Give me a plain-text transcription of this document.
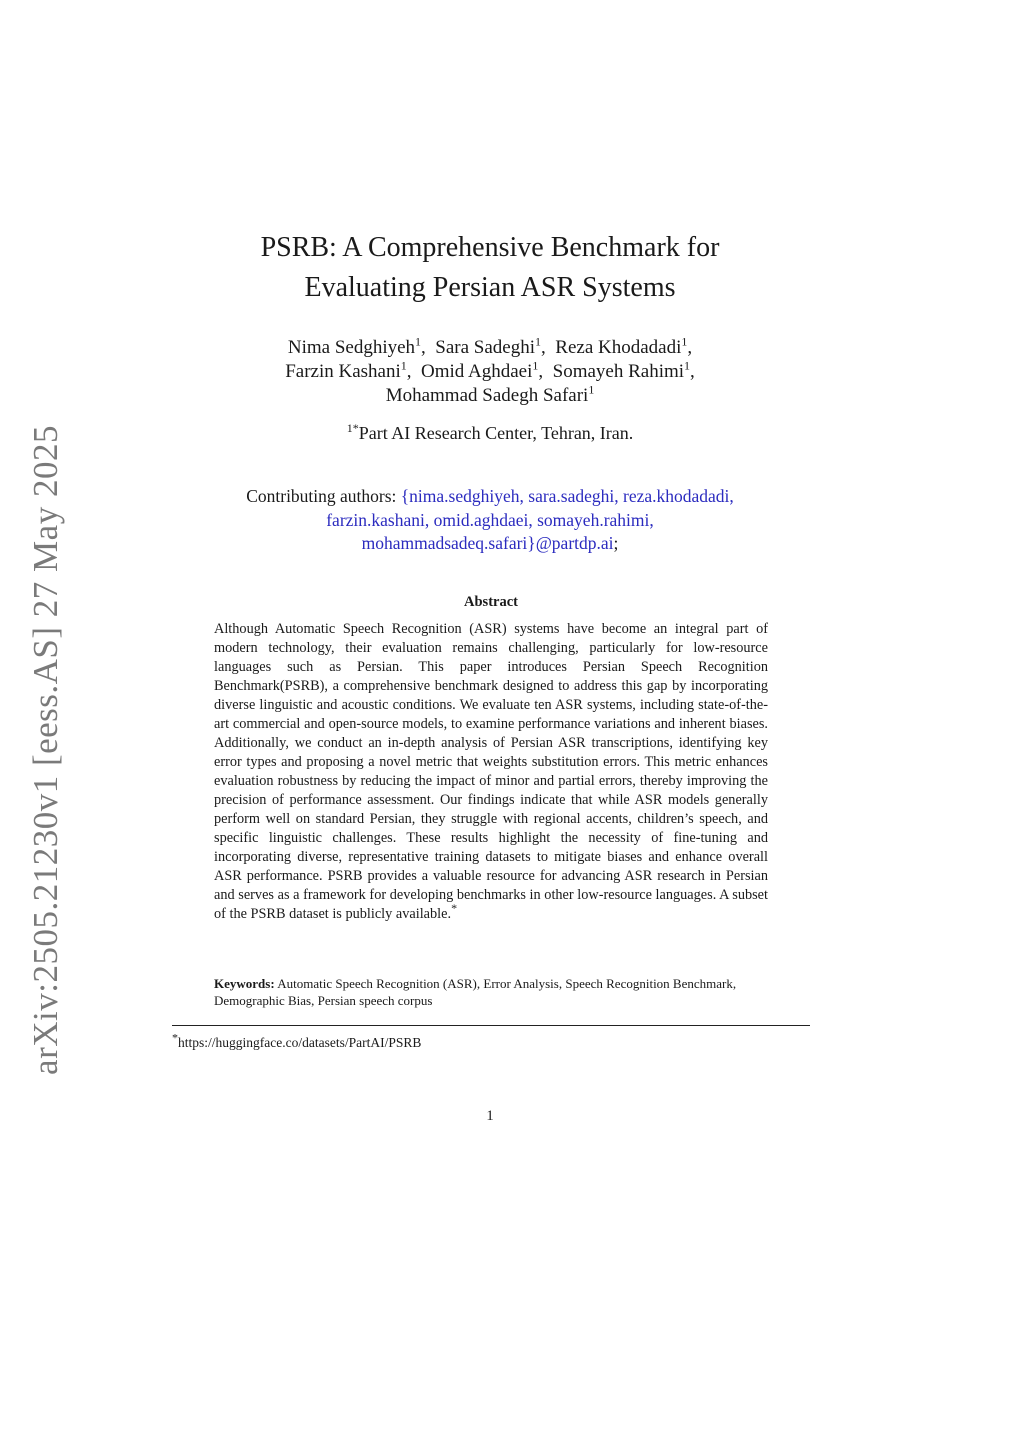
arXiv:2505.21230v1 [eess.AS] 27 May 2025
PSRB: A Comprehensive Benchmark for
Evaluating Persian ASR Systems
Nima Sedghiyeh$^1$, Sara Sadeghi$^1$, Reza Khodadadi$^1$,
Farzin Kashani$^1$, Omid Aghdaei$^1$, Somayeh Rahimi$^1$,
Mohammad Sadegh Safari$^1$
$^{1*}$Part AI Research Center, Tehran, Iran.
Contributing authors: {nima.sedghiyeh, sara.sadeghi, reza.khodadadi,
farzin.kashani, omid.aghdaei, somayeh.rahimi,
mohammadsadeq.safari}@partdp.ai;
Abstract

Although Automatic Speech Recognition (ASR) systems have become an integral part of modern technology, their evaluation remains challenging, particularly for low-resource languages such as Persian. This paper introduces Persian Speech Recognition Benchmark(PSRB), a comprehensive benchmark designed to address this gap by incorporating diverse linguistic and acoustic conditions. We evaluate ten ASR systems, including state-of-the-art commercial and open-source models, to examine performance variations and inherent biases. Additionally, we conduct an in-depth analysis of Persian ASR transcriptions, identifying key error types and proposing a novel metric that weights substitution errors. This metric enhances evaluation robustness by reducing the impact of minor and partial errors, thereby improving the precision of performance assessment. Our findings indicate that while ASR models generally perform well on standard Persian, they struggle with regional accents, children’s speech, and specific linguistic challenges. These results highlight the necessity of fine-tuning and incorporating diverse, representative training datasets to mitigate biases and enhance overall ASR performance. PSRB provides a valuable resource for advancing ASR research in Persian and serves as a framework for developing benchmarks in other low-resource languages. A subset of the PSRB dataset is publicly available.*

Keywords: Automatic Speech Recognition (ASR), Error Analysis, Speech Recognition Benchmark, Demographic Bias, Persian speech corpus

*https://huggingface.co/datasets/PartAI/PSRB
1
